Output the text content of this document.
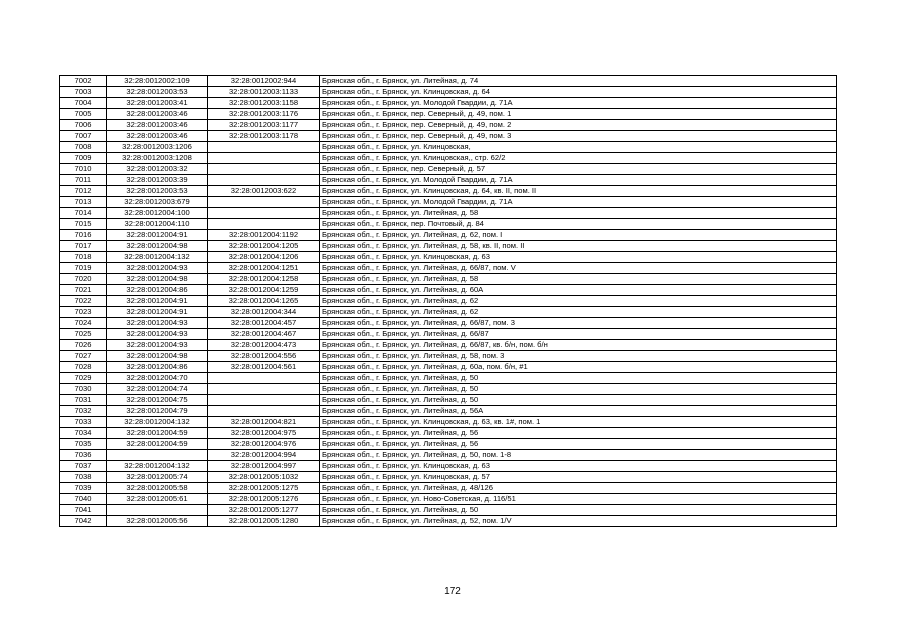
7002	32:28:0012002:109	32:28:0012002:944	Брянская обл., г. Брянск, ул. Литейная, д. 74
7003	32:28:0012003:53	32:28:0012003:1133	Брянская обл., г. Брянск, ул. Клинцовская, д. 64
7004	32:28:0012003:41	32:28:0012003:1158	Брянская обл., г. Брянск, ул. Молодой Гвардии, д. 71А
7005	32:28:0012003:46	32:28:0012003:1176	Брянская обл., г. Брянск, пер. Северный, д. 49, пом. 1
7006	32:28:0012003:46	32:28:0012003:1177	Брянская обл., г. Брянск, пер. Северный, д. 49, пом. 2
7007	32:28:0012003:46	32:28:0012003:1178	Брянская обл., г. Брянск, пер. Северный, д. 49, пом. 3
7008	32:28:0012003:1206		Брянская обл., г. Брянск, ул. Клинцовская,
7009	32:28:0012003:1208		Брянская обл., г. Брянск, ул. Клинцовская,, стр. 62/2
7010	32:28:0012003:32		Брянская обл., г. Брянск, пер. Северный, д. 57
7011	32:28:0012003:39		Брянская обл., г. Брянск, ул. Молодой Гвардии, д. 71А
7012	32:28:0012003:53	32:28:0012003:622	Брянская обл., г. Брянск, ул. Клинцовская, д. 64, кв. II, пом. II
7013	32:28:0012003:679		Брянская обл., г. Брянск, ул. Молодой Гвардии, д. 71А
7014	32:28:0012004:100		Брянская обл., г. Брянск, ул. Литейная, д. 58
7015	32:28:0012004:110		Брянская обл., г. Брянск, пер. Почтовый, д. 84
7016	32:28:0012004:91	32:28:0012004:1192	Брянская обл., г. Брянск, ул. Литейная, д. 62, пом. I
7017	32:28:0012004:98	32:28:0012004:1205	Брянская обл., г. Брянск, ул. Литейная, д. 58, кв. II, пом. II
7018	32:28:0012004:132	32:28:0012004:1206	Брянская обл., г. Брянск, ул. Клинцовская, д. 63
7019	32:28:0012004:93	32:28:0012004:1251	Брянская обл., г. Брянск, ул. Литейная, д. 66/87, пом. V
7020	32:28:0012004:98	32:28:0012004:1258	Брянская обл., г. Брянск, ул. Литейная, д. 58
7021	32:28:0012004:86	32:28:0012004:1259	Брянская обл., г. Брянск, ул. Литейная, д. 60А
7022	32:28:0012004:91	32:28:0012004:1265	Брянская обл., г. Брянск, ул. Литейная, д. 62
7023	32:28:0012004:91	32:28:0012004:344	Брянская обл., г. Брянск, ул. Литейная, д. 62
7024	32:28:0012004:93	32:28:0012004:457	Брянская обл., г. Брянск, ул. Литейная, д. 66/87, пом. 3
7025	32:28:0012004:93	32:28:0012004:467	Брянская обл., г. Брянск, ул. Литейная, д. 66/87
7026	32:28:0012004:93	32:28:0012004:473	Брянская обл., г. Брянск, ул. Литейная, д. 66/87, кв. б/н, пом. б/н
7027	32:28:0012004:98	32:28:0012004:556	Брянская обл., г. Брянск, ул. Литейная, д. 58, пом. 3
7028	32:28:0012004:86	32:28:0012004:561	Брянская обл., г. Брянск, ул. Литейная, д. 60а, пом. б/н, #1
7029	32:28:0012004:70		Брянская обл., г. Брянск, ул. Литейная, д. 50
7030	32:28:0012004:74		Брянская обл., г. Брянск, ул. Литейная, д. 50
7031	32:28:0012004:75		Брянская обл., г. Брянск, ул. Литейная, д. 50
7032	32:28:0012004:79		Брянская обл., г. Брянск, ул. Литейная, д. 56А
7033	32:28:0012004:132	32:28:0012004:821	Брянская обл., г. Брянск, ул. Клинцовская, д. 63, кв. 1#, пом. 1
7034	32:28:0012004:59	32:28:0012004:975	Брянская обл., г. Брянск, ул. Литейная, д. 56
7035	32:28:0012004:59	32:28:0012004:976	Брянская обл., г. Брянск, ул. Литейная, д. 56
7036		32:28:0012004:994	Брянская обл., г. Брянск, ул. Литейная, д. 50, пом. 1-8
7037	32:28:0012004:132	32:28:0012004:997	Брянская обл., г. Брянск, ул. Клинцовская, д. 63
7038	32:28:0012005:74	32:28:0012005:1032	Брянская обл., г. Брянск, ул. Клинцовская, д. 57
7039	32:28:0012005:58	32:28:0012005:1275	Брянская обл., г. Брянск, ул. Литейная, д. 48/126
7040	32:28:0012005:61	32:28:0012005:1276	Брянская обл., г. Брянск, ул. Ново-Советская, д. 116/51
7041		32:28:0012005:1277	Брянская обл., г. Брянск, ул. Литейная, д. 50
7042	32:28:0012005:56	32:28:0012005:1280	Брянская обл., г. Брянск, ул. Литейная, д. 52, пом. 1/V
172
